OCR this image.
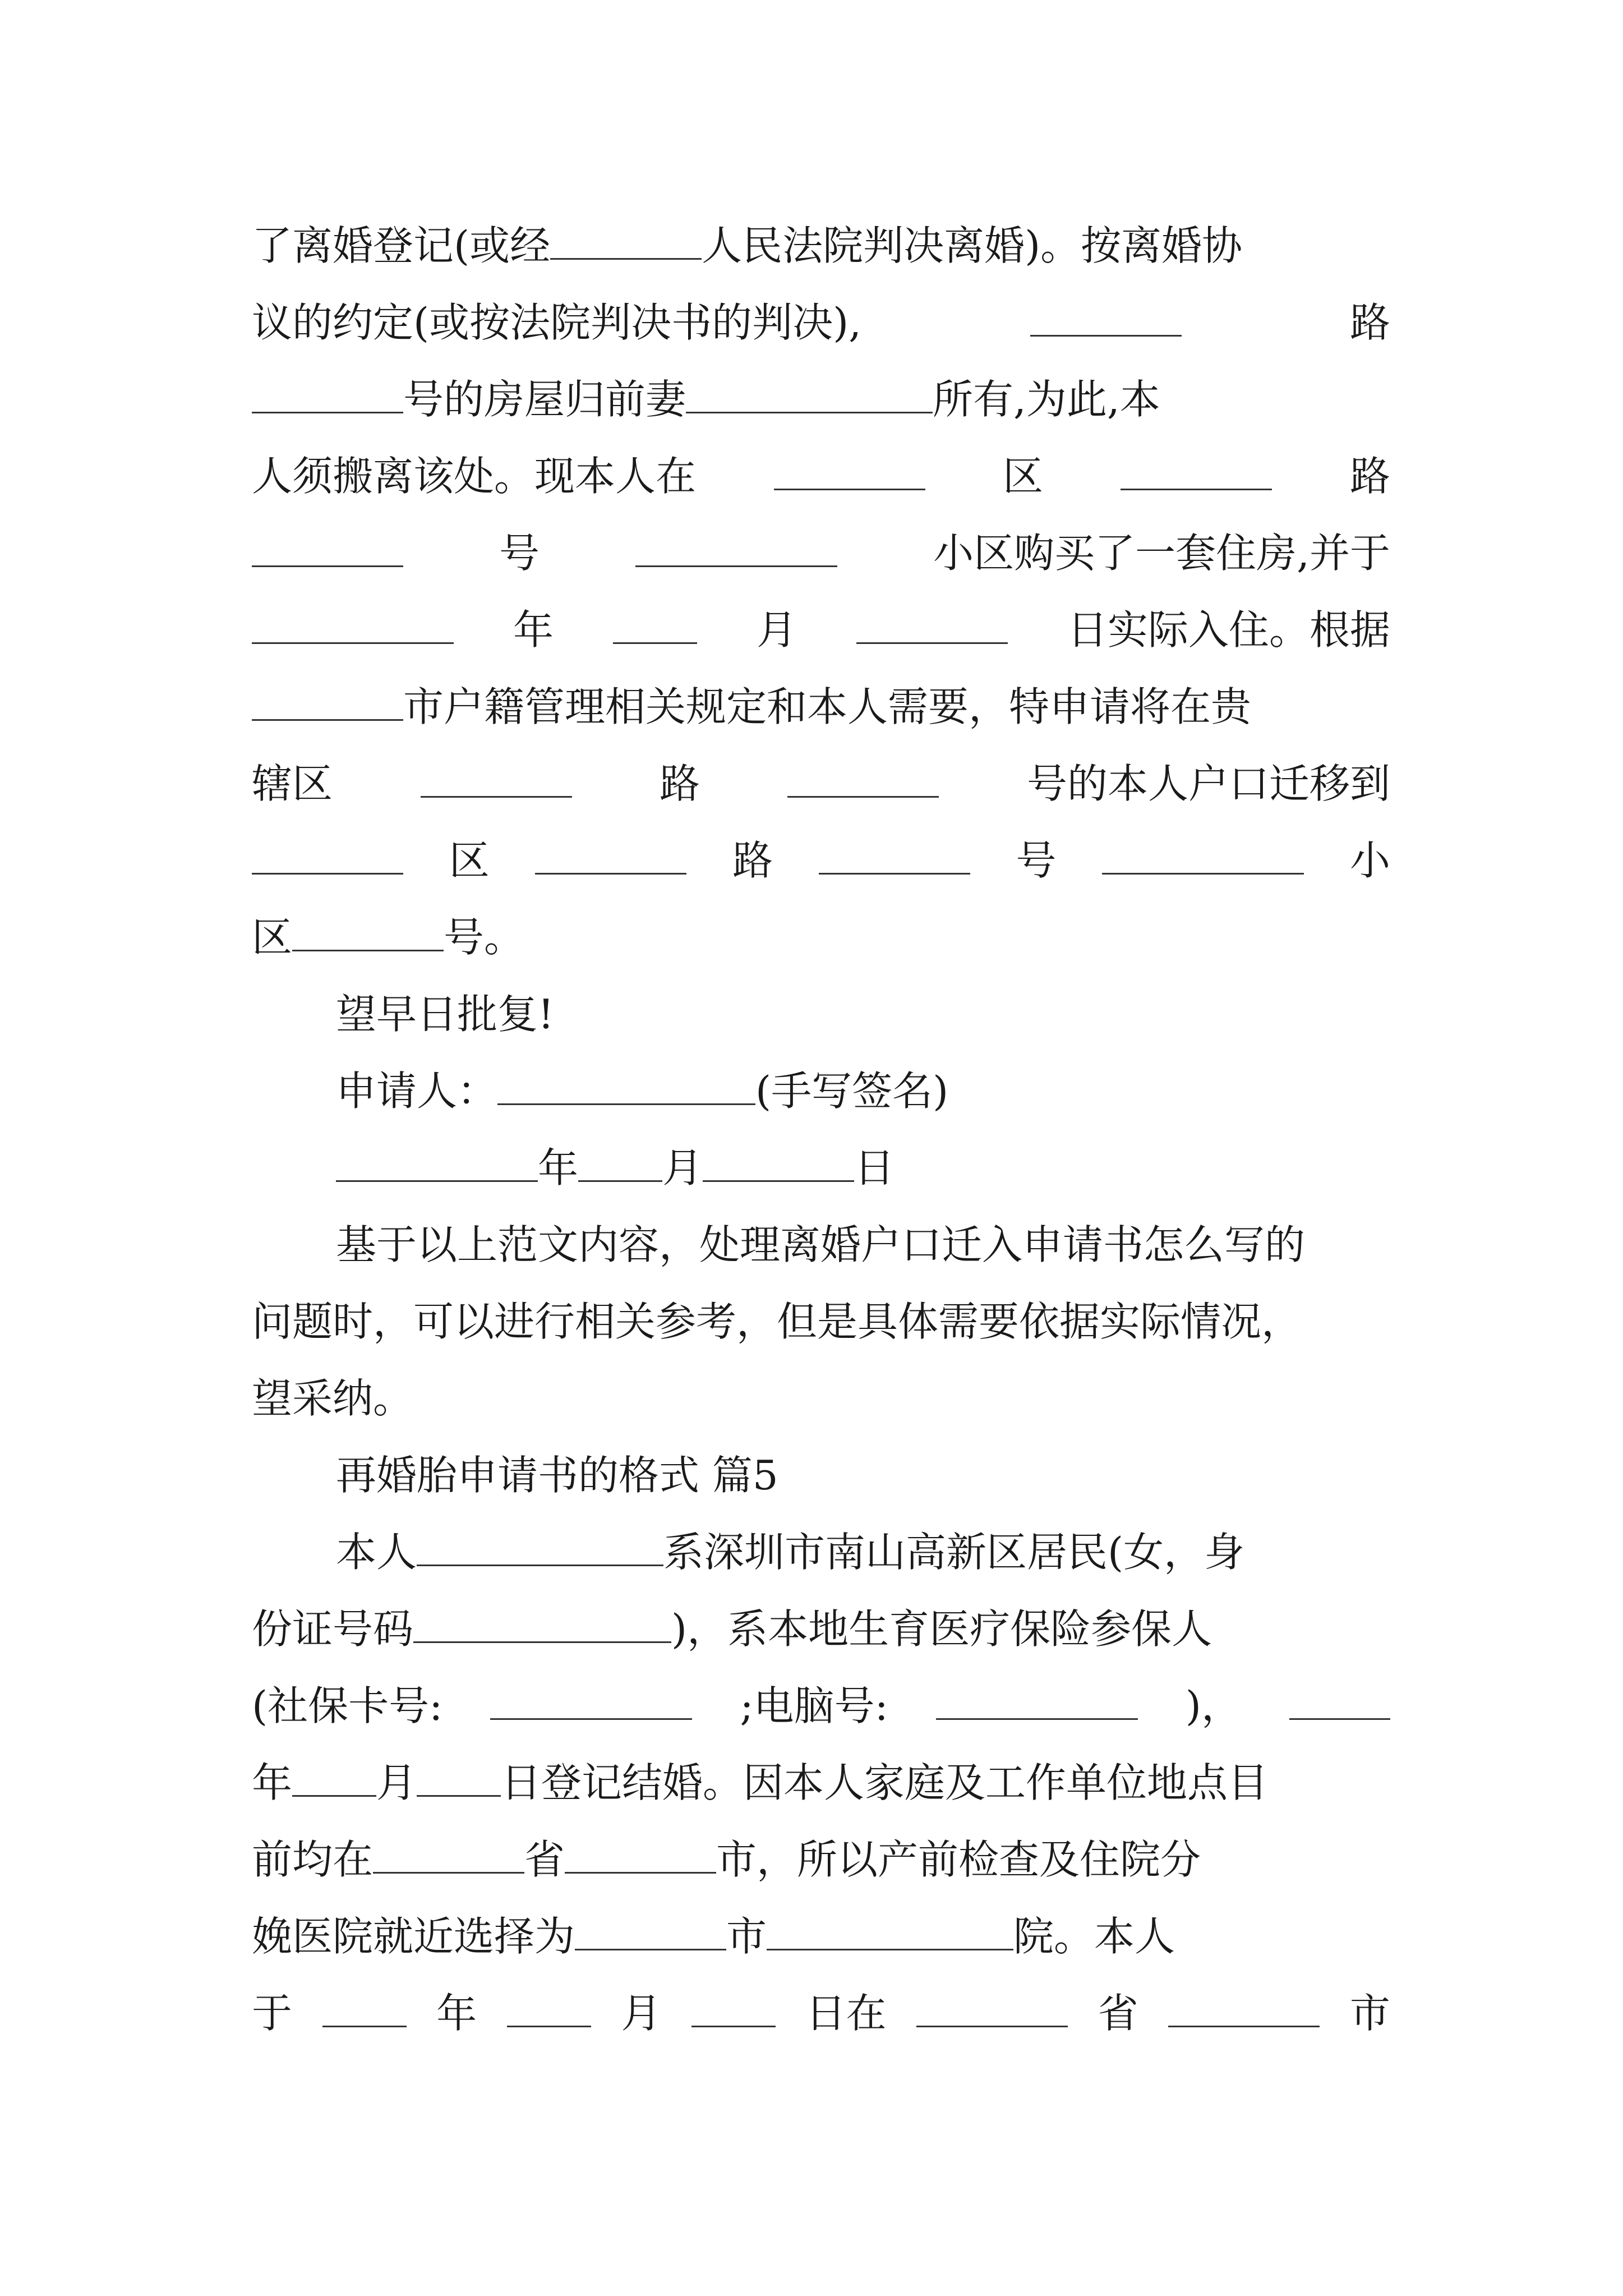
了离婚登记(或经	人民法院判决离婚)。按离婚协
议的约定(或按法院判决书的判决),	路
号的房屋归前妻	所有,为此,本
人须搬离该处。现本人在	区	路
号	小区购买了一套住房,并于
年	月	日实际入住。根据
市户籍管理相关规定和本人需要，特申请将在贵
辖区	路	号的本人户口迁移到
区	路	号	小
区	号。
望早日批复!
申请人：	(手写签名)
年 月	日
基于以上范文内容，处理离婚户口迁入申请书怎么写的
问题时，可以进行相关参考，但是具体需要依据实际情况，
望采纳。
再婚胎申请书的格式 篇5
本人	系深圳市南山高新区居民(女，身
份证号码	)，系本地生育医疗保险参保人
(社保卡号:	;电脑号:	)，
年 月 日登记结婚。因本人家庭及工作单位地点目
前均在	省	市，所以产前检查及住院分
娩医院就近选择为	市	院。本人
于	年	月	日在	省	市
